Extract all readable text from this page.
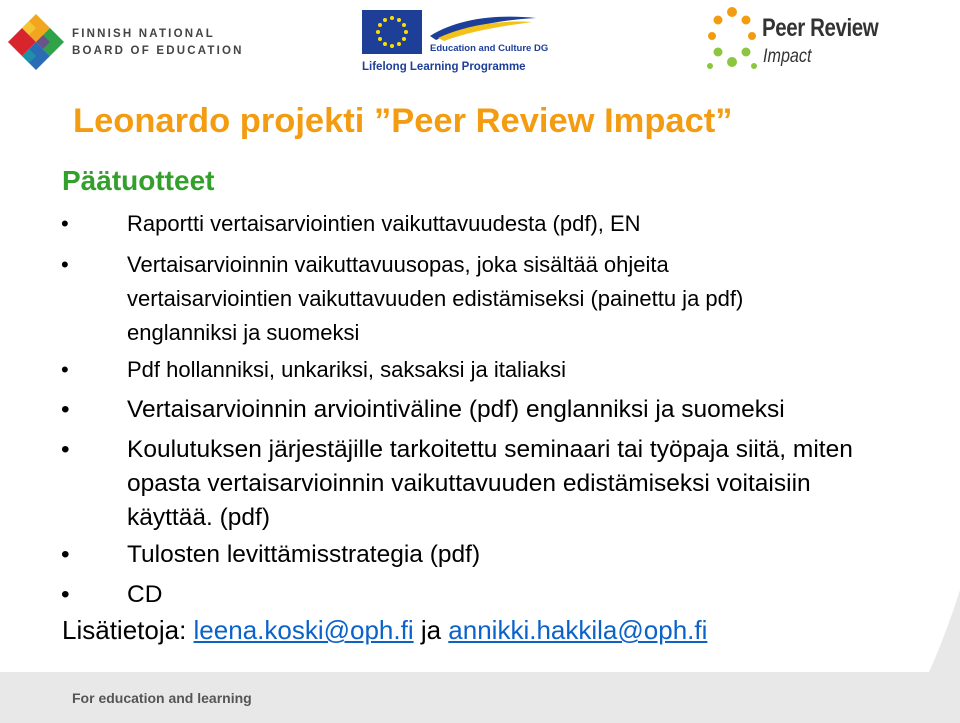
FINNISH NATIONAL
BOARD OF EDUCATION	Education and Culture DG
Lifelong Learning Programme
Peer Review
Impact
Leonardo projekti ”Peer Review Impact”
Päätuotteet
•	Raportti vertaisarviointien vaikuttavuudesta (pdf), EN

•	Vertaisarvioinnin vaikuttavuusopas, joka sisältää ohjeita vertaisarviointien vaikuttavuuden edistämiseksi (painettu ja pdf) englanniksi ja suomeksi

•	Pdf hollanniksi, unkariksi, saksaksi ja italiaksi

• Vertaisarvioinnin arviointiväline (pdf) englanniksi ja suomeksi

• Koulutuksen järjestäjille tarkoitettu seminaari tai työpaja siitä, miten opasta vertaisarvioinnin vaikuttavuuden edistämiseksi voitaisiin käyttää. (pdf)

• Tulosten levittämisstrategia (pdf)

• CD

Lisätietoja: leena.koski@oph.fi ja annikki.hakkila@oph.fi
For education and learning
